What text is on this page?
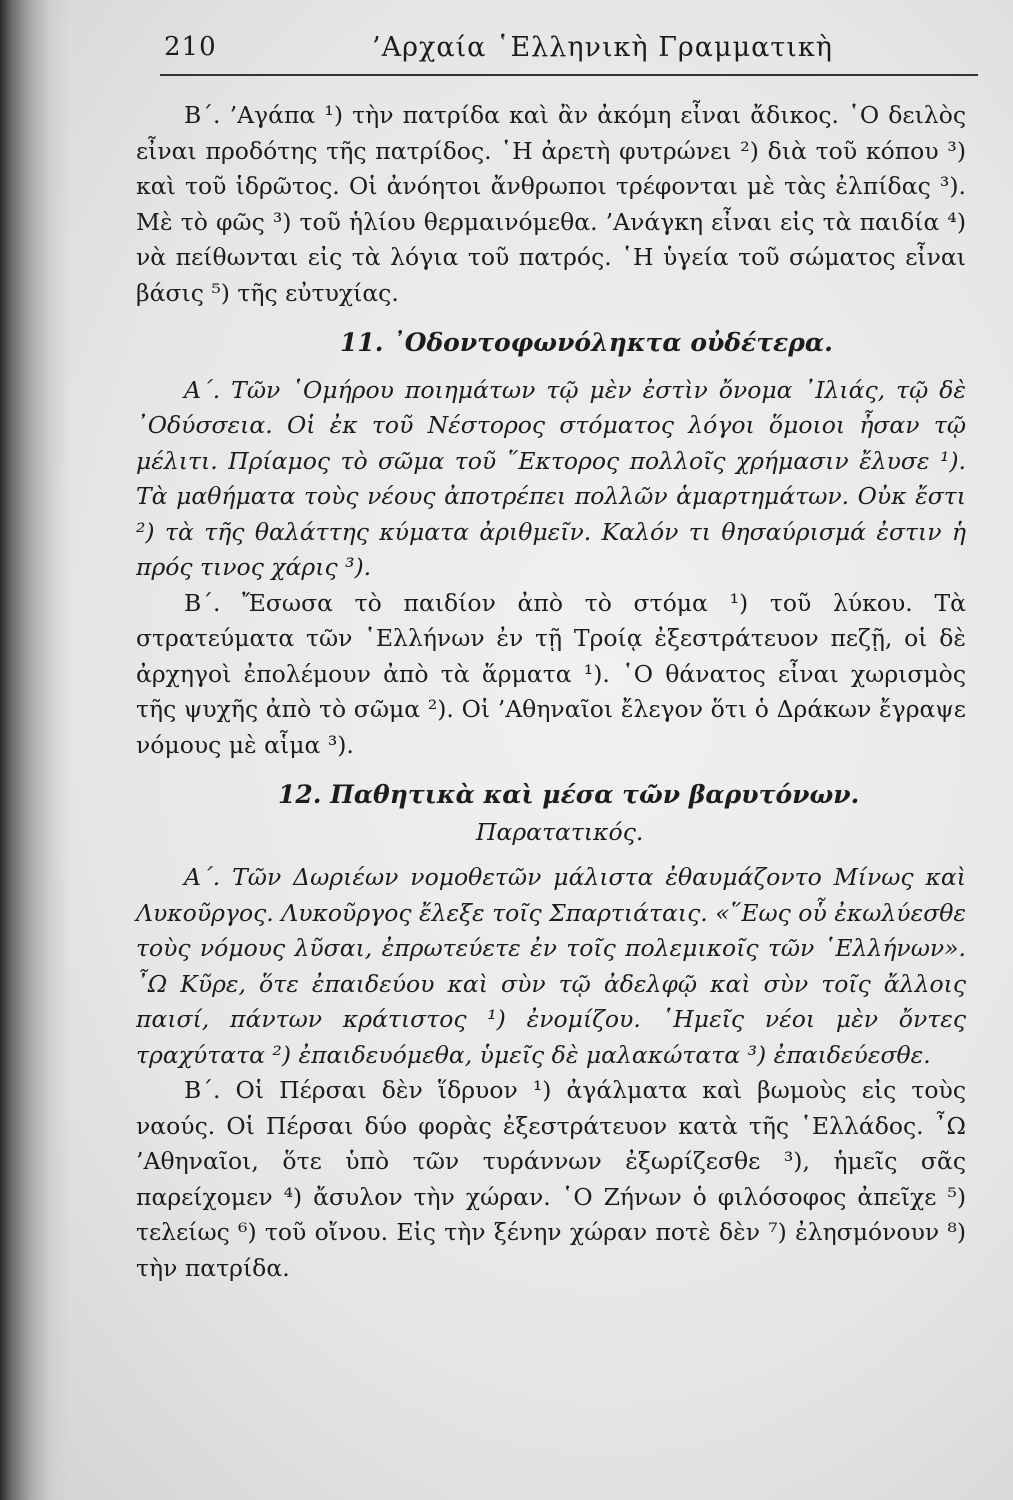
210	’Αρχαία ῾Ελληνικὴ Γραμματικὴ

Β΄. ’Αγάπα ¹) τὴν πατρίδα καὶ ἂν ἀκόμη εἶναι ἄδικος. ῾Ο δειλὸς εἶναι προδότης τῆς πατρίδος. ῾Η ἀρετὴ φυτρώνει ²) διὰ τοῦ κόπου ³) καὶ τοῦ ἱδρῶτος. Οἱ ἀνόητοι ἄνθρωποι τρέφονται μὲ τὰς ἐλπίδας ³). Μὲ τὸ φῶς ³) τοῦ ἡλίου θερμαινόμεθα. ’Ανάγκη εἶναι εἰς τὰ παιδία ⁴) νὰ πείθωνται εἰς τὰ λόγια τοῦ πατρός. ῾Η ὑγεία τοῦ σώματος εἶναι βάσις ⁵) τῆς εὐτυχίας.

11. ᾿Οδοντοφωνόληκτα οὐδέτερα.

Α΄. Τῶν ῾Ομήρου ποιημάτων τῷ μὲν ἐστὶν ὄνομα ᾿Ιλιάς, τῷ δὲ ᾿Οδύσσεια. Οἱ ἐκ τοῦ Νέστορος στόματος λόγοι ὅμοιοι ἦσαν τῷ μέλιτι. Πρίαμος τὸ σῶμα τοῦ ῞Εκτορος πολλοῖς χρήμασιν ἔλυσε ¹). Τὰ μαθήματα τοὺς νέους ἀποτρέπει πολλῶν ἁμαρτημάτων. Οὐκ ἔστι ²) τὰ τῆς θαλάττης κύματα ἀριθμεῖν. Καλόν τι θησαύρισμά ἐστιν ἡ πρός τινος χάρις ³).

Β΄. Ἔσωσα τὸ παιδίον ἀπὸ τὸ στόμα ¹) τοῦ λύκου. Τὰ στρατεύματα τῶν ῾Ελλήνων ἐν τῇ Τροίᾳ ἐξεστράτευον πεζῇ, οἱ δὲ ἀρχηγοὶ ἐπολέμουν ἀπὸ τὰ ἅρματα ¹). ῾Ο θάνατος εἶναι χωρισμὸς τῆς ψυχῆς ἀπὸ τὸ σῶμα ²). Οἱ ’Αθηναῖοι ἔλεγον ὅτι ὁ Δράκων ἔγραψε νόμους μὲ αἷμα ³).

12. Παθητικὰ καὶ μέσα τῶν βαρυτόνων.
Παρατατικός.

Α΄. Τῶν Δωριέων νομοθετῶν μάλιστα ἐθαυμάζοντο Μίνως καὶ Λυκοῦργος. Λυκοῦργος ἔλεξε τοῖς Σπαρτιάταις. «῞Εως οὗ ἐκωλύεσθε τοὺς νόμους λῦσαι, ἐπρωτεύετε ἐν τοῖς πολεμικοῖς τῶν ῾Ελλήνων». ῏Ω Κῦρε, ὅτε ἐπαιδεύου καὶ σὺν τῷ ἀδελφῷ καὶ σὺν τοῖς ἄλλοις παισί, πάντων κράτιστος ¹) ἐνομίζου. ῾Ημεῖς νέοι μὲν ὄντες τραχύτατα ²) ἐπαιδευόμεθα, ὑμεῖς δὲ μαλακώτατα ³) ἐπαιδεύεσθε.

Β΄. Οἱ Πέρσαι δὲν ἵδρυον ¹) ἀγάλματα καὶ βωμοὺς εἰς τοὺς ναούς. Οἱ Πέρσαι δύο φορὰς ἐξεστράτευον κατὰ τῆς ῾Ελλάδος. ῏Ω ’Αθηναῖοι, ὅτε ὑπὸ τῶν τυράννων ἐξωρίζεσθε ³), ἡμεῖς σᾶς παρείχομεν ⁴) ἄσυλον τὴν χώραν. ῾Ο Ζήνων ὁ φιλόσοφος ἀπεῖχε ⁵) τελείως ⁶) τοῦ οἴνου. Εἰς τὴν ξένην χώραν ποτὲ δὲν ⁷) ἐλησμόνουν ⁸) τὴν πατρίδα.
